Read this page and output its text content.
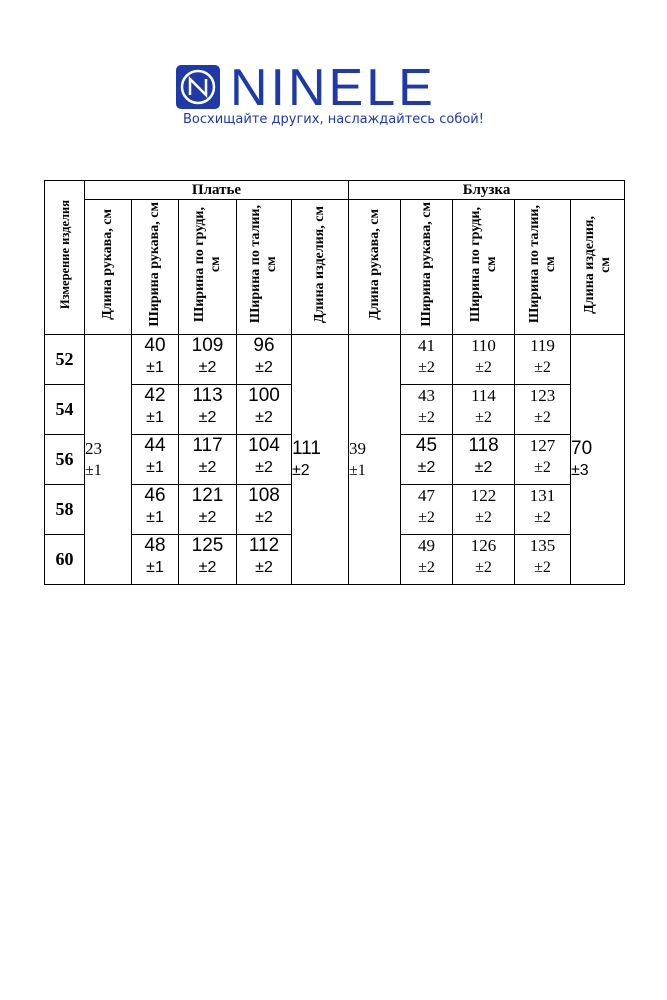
NINELE
Восхищайте других, наслаждайтесь собой!
Измерение изделия	Платье					Блузка				
	Длина рукава, см	Ширина рукава, см	Ширина по груди,
см	Ширина по талии,
см	Длина изделия, см	Длина рукава, см	Ширина рукава, см	Ширина по груди,
см	Ширина по талии,
см	Длина изделия,
см
52	23
±1	40
±1	109
±2	96
±2	111
±2	39
±1	41
±2	110
±2	119
±2	70
±3

54		42
±1	113
±2	100
±2			43
±2	114
±2	123
±2	

56		44
±1	117
±2	104
±2			45
±2	118
±2	127
±2	

58		46
±1	121
±2	108
±2			47
±2	122
±2	131
±2	

60		48
±1	125
±2	112
±2			49
±2	126
±2	135
±2	
